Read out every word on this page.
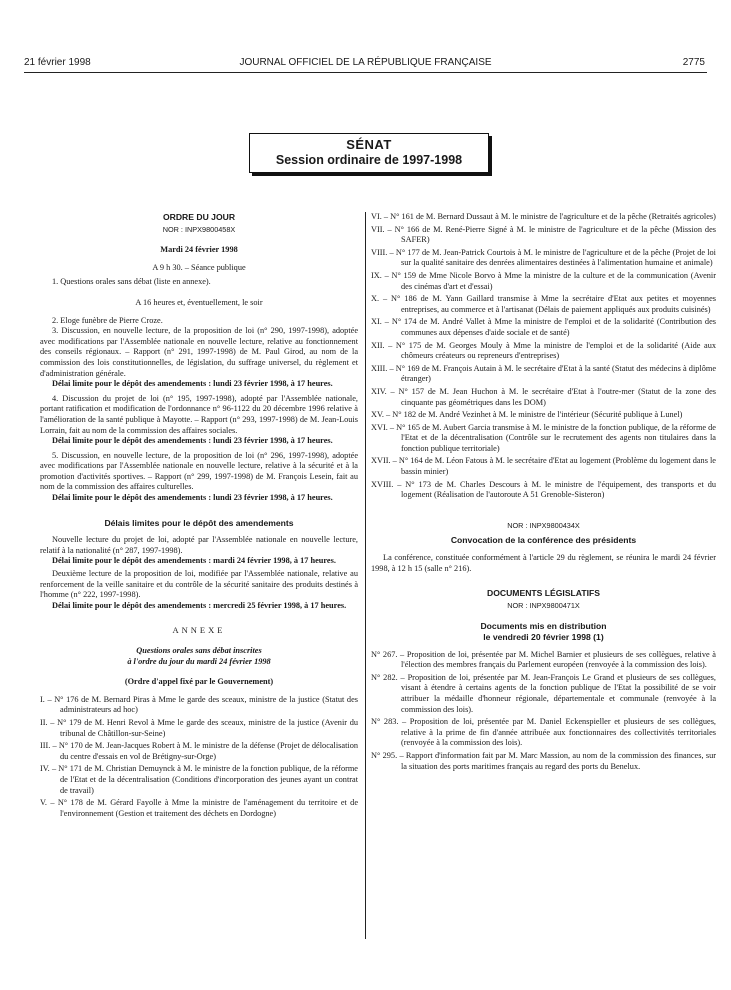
21 février 1998	JOURNAL OFFICIEL DE LA RÉPUBLIQUE FRANÇAISE	2775
SÉNAT
Session ordinaire de 1997-1998

ORDRE DU JOUR

NOR : INPX9800458X

Mardi 24 février 1998

A 9 h 30. – Séance publique

1. Questions orales sans débat (liste en annexe).

A 16 heures et, éventuellement, le soir

2. Eloge funèbre de Pierre Croze.

3. Discussion, en nouvelle lecture, de la proposition de loi (n° 290, 1997-1998), adoptée avec modifications par l'Assemblée nationale en nouvelle lecture, relative au fonctionnement des conseils régionaux. – Rapport (n° 291, 1997-1998) de M. Paul Girod, au nom de la commission des lois constitutionnelles, de législation, du suffrage universel, du règlement et d'administration générale.

Délai limite pour le dépôt des amendements : lundi 23 février 1998, à 17 heures.

4. Discussion du projet de loi (n° 195, 1997-1998), adopté par l'Assemblée nationale, portant ratification et modification de l'ordonnance n° 96-1122 du 20 décembre 1996 relative à l'amélioration de la santé publique à Mayotte. – Rapport (n° 293, 1997-1998) de M. Jean-Louis Lorrain, fait au nom de la commission des affaires sociales.

Délai limite pour le dépôt des amendements : lundi 23 février 1998, à 17 heures.

5. Discussion, en nouvelle lecture, de la proposition de loi (n° 296, 1997-1998), adoptée avec modifications par l'Assemblée nationale en nouvelle lecture, relative à la sécurité et à la promotion d'activités sportives. – Rapport (n° 299, 1997-1998) de M. François Lesein, fait au nom de la commission des affaires culturelles.

Délai limite pour le dépôt des amendements : lundi 23 février 1998, à 17 heures.

Délais limites pour le dépôt des amendements

Nouvelle lecture du projet de loi, adopté par l'Assemblée nationale en nouvelle lecture, relatif à la nationalité (n° 287, 1997-1998).

Délai limite pour le dépôt des amendements : mardi 24 février 1998, à 17 heures.

Deuxième lecture de la proposition de loi, modifiée par l'Assemblée nationale, relative au renforcement de la veille sanitaire et du contrôle de la sécurité sanitaire des produits destinés à l'homme (n° 222, 1997-1998).

Délai limite pour le dépôt des amendements : mercredi 25 février 1998, à 17 heures.

ANNEXE

Questions orales sans débat inscrites

à l'ordre du jour du mardi 24 février 1998

(Ordre d'appel fixé par le Gouvernement)

I. – N° 176 de M. Bernard Piras à Mme le garde des sceaux, ministre de la justice (Statut des administrateurs ad hoc)

II. – N° 179 de M. Henri Revol à Mme le garde des sceaux, ministre de la justice (Avenir du tribunal de Châtillon-sur-Seine)

III. – N° 170 de M. Jean-Jacques Robert à M. le ministre de la défense (Projet de délocalisation du centre d'essais en vol de Brétigny-sur-Orge)

IV. – N° 171 de M. Christian Demuynck à M. le ministre de la fonction publique, de la réforme de l'Etat et de la décentralisation (Conditions d'incorporation des jeunes ayant un contrat de travail)

V. – N° 178 de M. Gérard Fayolle à Mme la ministre de l'aménagement du territoire et de l'environnement (Gestion et traitement des déchets en Dordogne)

VI. – N° 161 de M. Bernard Dussaut à M. le ministre de l'agriculture et de la pêche (Retraités agricoles)

VII. – N° 166 de M. René-Pierre Signé à M. le ministre de l'agriculture et de la pêche (Mission des SAFER)

VIII. – N° 177 de M. Jean-Patrick Courtois à M. le ministre de l'agriculture et de la pêche (Projet de loi sur la qualité sanitaire des denrées alimentaires destinées à l'alimentation humaine et animale)

IX. – N° 159 de Mme Nicole Borvo à Mme la ministre de la culture et de la communication (Avenir des cinémas d'art et d'essai)

X. – N° 186 de M. Yann Gaillard transmise à Mme la secrétaire d'Etat aux petites et moyennes entreprises, au commerce et à l'artisanat (Délais de paiement appliqués aux produits cuisinés)

XI. – N° 174 de M. André Vallet à Mme la ministre de l'emploi et de la solidarité (Contribution des communes aux dépenses d'aide sociale et de santé)

XII. – N° 175 de M. Georges Mouly à Mme la ministre de l'emploi et de la solidarité (Aide aux chômeurs créateurs ou repreneurs d'entreprises)

XIII. – N° 169 de M. François Autain à M. le secrétaire d'Etat à la santé (Statut des médecins à diplôme étranger)

XIV. – N° 157 de M. Jean Huchon à M. le secrétaire d'Etat à l'outre-mer (Statut de la zone des cinquante pas géométriques dans les DOM)

XV. – N° 182 de M. André Vezinhet à M. le ministre de l'intérieur (Sécurité publique à Lunel)

XVI. – N° 165 de M. Aubert Garcia transmise à M. le ministre de la fonction publique, de la réforme de l'Etat et de la décentralisation (Contrôle sur le recrutement des agents non titulaires dans la fonction publique territoriale)

XVII. – N° 164 de M. Léon Fatous à M. le secrétaire d'Etat au logement (Problème du logement dans le bassin minier)

XVIII. – N° 173 de M. Charles Descours à M. le ministre de l'équipement, des transports et du logement (Réalisation de l'autoroute A 51 Grenoble-Sisteron)

NOR : INPX9800434X

Convocation de la conférence des présidents

La conférence, constituée conformément à l'article 29 du règlement, se réunira le mardi 24 février 1998, à 12 h 15 (salle n° 216).

DOCUMENTS LÉGISLATIFS

NOR : INPX9800471X

Documents mis en distribution

le vendredi 20 février 1998 (1)

N° 267. – Proposition de loi, présentée par M. Michel Barnier et plusieurs de ses collègues, relative à l'élection des membres français du Parlement européen (renvoyée à la commission des lois).

N° 282. – Proposition de loi, présentée par M. Jean-François Le Grand et plusieurs de ses collègues, visant à étendre à certains agents de la fonction publique de l'Etat la possibilité de se voir attribuer la médaille d'honneur régionale, départementale et communale (renvoyée à la commission des lois).

N° 283. – Proposition de loi, présentée par M. Daniel Eckenspieller et plusieurs de ses collègues, relative à la prime de fin d'année attribuée aux fonctionnaires des collectivités territoriales (renvoyée à la commission des lois).

N° 295. – Rapport d'information fait par M. Marc Massion, au nom de la commission des finances, sur la situation des ports maritimes français au regard des ports du Benelux.
